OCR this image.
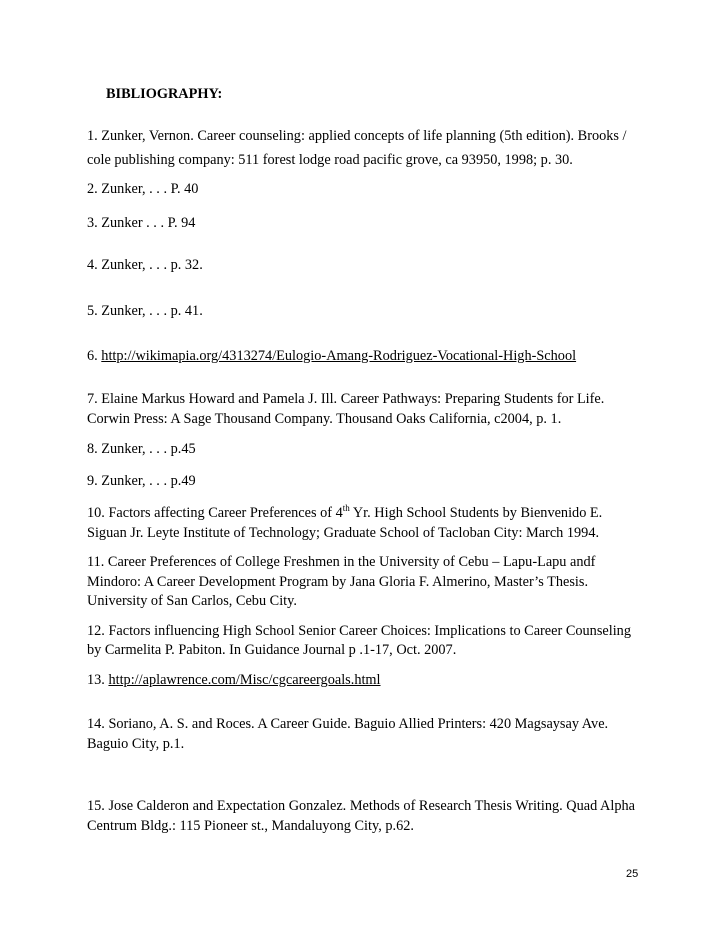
BIBLIOGRAPHY:
1. Zunker, Vernon. Career counseling: applied concepts of life planning (5th edition). Brooks /
cole publishing company: 511 forest lodge road pacific grove, ca 93950, 1998; p. 30.
2. Zunker, . . . P. 40
3. Zunker . . . P. 94
4. Zunker, . . . p. 32.
5. Zunker, . . . p. 41.
6. http://wikimapia.org/4313274/Eulogio-Amang-Rodriguez-Vocational-High-School
7. Elaine Markus Howard and Pamela J. Ill. Career Pathways: Preparing Students for Life.
Corwin Press: A Sage Thousand Company. Thousand Oaks California, c2004, p. 1.
8. Zunker, . . . p.45
9. Zunker, . . . p.49
10. Factors affecting Career Preferences of 4th Yr. High School Students by Bienvenido E.
Siguan Jr. Leyte Institute of Technology; Graduate School of Tacloban City: March 1994.
11. Career Preferences of College Freshmen in the University of Cebu – Lapu-Lapu andf
Mindoro: A Career Development Program by Jana Gloria F. Almerino, Master’s Thesis.
University of San Carlos, Cebu City.
12. Factors influencing High School Senior Career Choices: Implications to Career Counseling
by Carmelita P. Pabiton. In Guidance Journal p .1-17, Oct. 2007.
13. http://aplawrence.com/Misc/cgcareergoals.html
14. Soriano, A. S. and Roces. A Career Guide. Baguio Allied Printers: 420 Magsaysay Ave.
Baguio City, p.1.
15. Jose Calderon and Expectation Gonzalez. Methods of Research Thesis Writing. Quad Alpha
Centrum Bldg.: 115 Pioneer st., Mandaluyong City, p.62.
25
